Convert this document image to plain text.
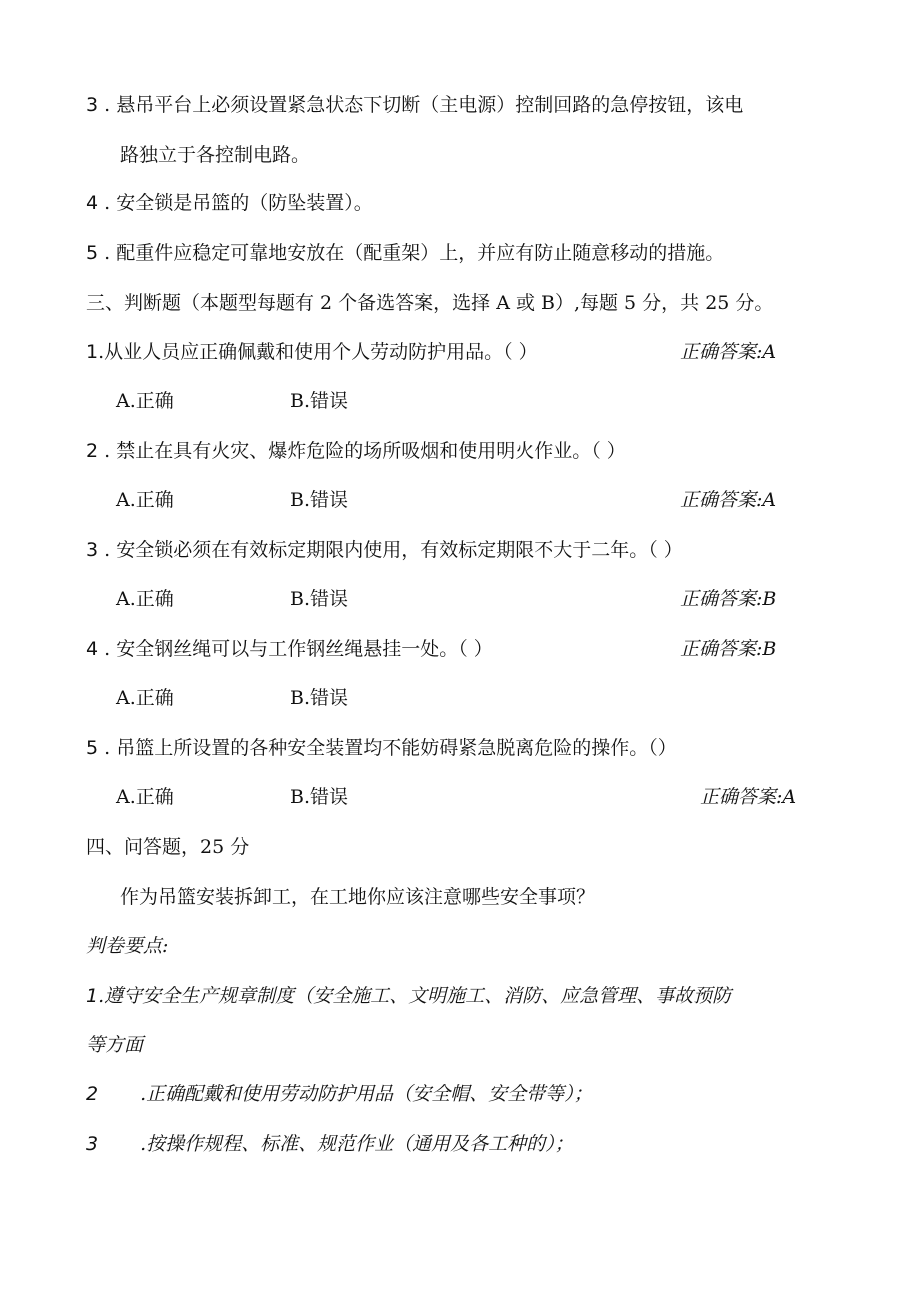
3 . 悬吊平台上必须设置紧急状态下切断（主电源）控制回路的急停按钮，该电
路独立于各控制电路。
4 . 安全锁是吊篮的（防坠装置）。
5 . 配重件应稳定可靠地安放在（配重架）上，并应有防止随意移动的措施。
三、判断题（本题型每题有 2 个备选答案，选择 A 或 B）,每题 5 分，共 25 分。
1.从业人员应正确佩戴和使用个人劳动防护用品。（ ）	正确答案:A
A.正确	B.错误
2 . 禁止在具有火灾、爆炸危险的场所吸烟和使用明火作业。（ ）
A.正确	B.错误	正确答案:A
3 . 安全锁必须在有效标定期限内使用，有效标定期限不大于二年。（ ）
A.正确	B.错误	正确答案:B
4 . 安全钢丝绳可以与工作钢丝绳悬挂一处。（ ）	正确答案:B
A.正确	B.错误
5 . 吊篮上所设置的各种安全装置均不能妨碍紧急脱离危险的操作。（）
A.正确	B.错误	正确答案:A
四、问答题，25 分
作为吊篮安装拆卸工，在工地你应该注意哪些安全事项？
判卷要点:
1.遵守安全生产规章制度（安全施工、文明施工、消防、应急管理、事故预防
等方面
2 .正确配戴和使用劳动防护用品（安全帽、安全带等）；
3 .按操作规程、标准、规范作业（通用及各工种的）；
